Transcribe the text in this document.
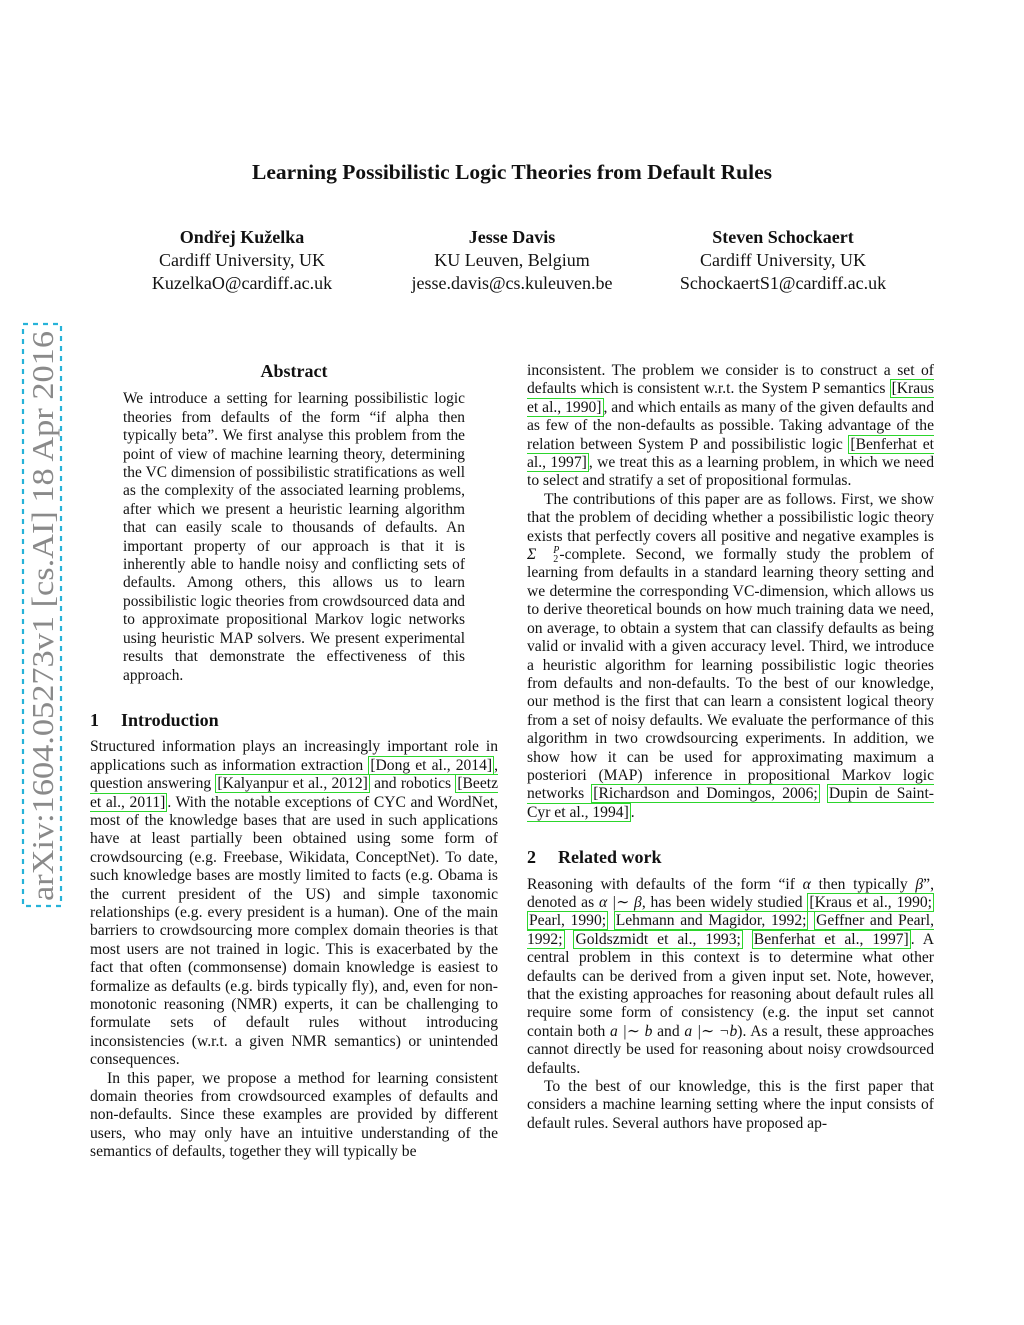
arXiv:1604.05273v1 [cs.AI] 18 Apr 2016
Learning Possibilistic Logic Theories from Default Rules
Ondřej Kuželka
Cardiff University, UK
KuzelkaO@cardiff.ac.uk
Jesse Davis
KU Leuven, Belgium
jesse.davis@cs.kuleuven.be
Steven Schockaert
Cardiff University, UK
SchockaertS1@cardiff.ac.uk
Abstract

We introduce a setting for learning possibilistic logic theories from defaults of the form “if alpha then typically beta”. We first analyse this problem from the point of view of machine learning theory, determining the VC dimension of possibilistic stratifications as well as the complexity of the associated learning problems, after which we present a heuristic learning algorithm that can easily scale to thousands of defaults. An important property of our approach is that it is inherently able to handle noisy and conflicting sets of defaults. Among others, this allows us to learn possibilistic logic theories from crowdsourced data and to approximate propositional Markov logic networks using heuristic MAP solvers. We present experimental results that demonstrate the effectiveness of this approach.

1 Introduction

Structured information plays an increasingly important role in applications such as information extraction [Dong et al., 2014] , question answering [Kalyanpur et al., 2012] and robotics [Beetz et al., 2011] . With the notable exceptions of CYC and WordNet, most of the knowledge bases that are used in such applications have at least partially been obtained using some form of crowdsourcing (e.g. Freebase, Wikidata, ConceptNet). To date, such knowledge bases are mostly limited to facts (e.g. Obama is the current president of the US) and simple taxonomic relationships (e.g. every president is a human). One of the main barriers to crowdsourcing more complex domain theories is that most users are not trained in logic. This is exacerbated by the fact that often (commonsense) domain knowledge is easiest to formalize as defaults (e.g. birds typically fly), and, even for non-monotonic reasoning (NMR) experts, it can be challenging to formulate sets of default rules without introducing inconsistencies (w.r.t. a given NMR semantics) or unintended consequences.

In this paper, we propose a method for learning consistent domain theories from crowdsourced examples of defaults and non-defaults. Since these examples are provided by different users, who may only have an intuitive understanding of the semantics of defaults, together they will typically be

inconsistent. The problem we consider is to construct a set of defaults which is consistent w.r.t. the System P semantics [Kraus et al., 1990] , and which entails as many of the given defaults and as few of the non-defaults as possible. Taking advantage of the relation between System P and possibilistic logic [Benferhat et al., 1997] , we treat this as a learning problem, in which we need to select and stratify a set of propositional formulas.

The contributions of this paper are as follows. First, we show that the problem of deciding whether a possibilistic logic theory exists that perfectly covers all positive and negative examples is Σ	P
2 -complete. Second, we formally study the problem of learning from defaults in a standard learning theory setting and we determine the corresponding VC-dimension, which allows us to derive theoretical bounds on how much training data we need, on average, to obtain a system that can classify defaults as being valid or invalid with a given accuracy level. Third, we introduce a heuristic algorithm for learning possibilistic logic theories from defaults and non-defaults. To the best of our knowledge, our method is the first that can learn a consistent logical theory from a set of noisy defaults. We evaluate the performance of this algorithm in two crowdsourcing experiments. In addition, we show how it can be used for approximating maximum a posteriori (MAP) inference in propositional Markov logic networks [Richardson and Domingos, 2006; Dupin de Saint-Cyr et al., 1994] .

2 Related work

Reasoning with defaults of the form “if α then typically β”, denoted as α |∼ β, has been widely studied [Kraus et al., 1990; Pearl, 1990; Lehmann and Magidor, 1992; Geffner and Pearl, 1992; Goldszmidt et al., 1993; Benferhat et al., 1997] . A central problem in this context is to determine what other defaults can be derived from a given input set. Note, however, that the existing approaches for reasoning about default rules all require some form of consistency (e.g. the input set cannot contain both a |∼ b and a |∼ ¬b). As a result, these approaches cannot directly be used for reasoning about noisy crowdsourced defaults.

To the best of our knowledge, this is the first paper that considers a machine learning setting where the input consists of default rules. Several authors have proposed ap-
